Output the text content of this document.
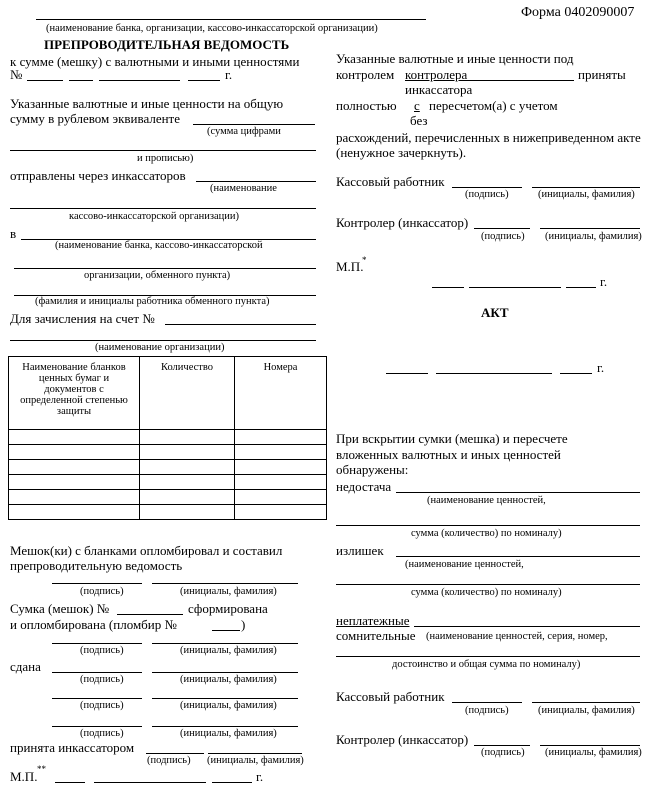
Форма 0402090007
(наименование банка, организации, кассово-инкассаторской организации)
ПРЕПРОВОДИТЕЛЬНАЯ ВЕДОМОСТЬ
к сумме (мешку) с валютными и иными ценностями
№	г.
Указанные валютные и иные ценности на общую
сумму в рублевом эквиваленте
(сумма цифрами
и прописью)
отправлены через инкассаторов
(наименование
кассово-инкассаторской организации)
в
(наименование банка, кассово-инкассаторской
организации, обменного пункта)
(фамилия и инициалы работника обменного пункта)
Для зачисления на счет №
(наименование организации)
Наименование бланков ценных бумаг и документов с определенной степенью защиты	Количество	Номера

Мешок(ки) с бланками опломбировал и составил
препроводительную ведомость
(подпись)	(инициалы, фамилия)
Сумка (мешок) №	сформирована
и опломбирована (пломбир №	)
(подпись)	(инициалы, фамилия)
сдана
(подпись)	(инициалы, фамилия)
(подпись)	(инициалы, фамилия)
(подпись)	(инициалы, фамилия)
принята инкассатором
(подпись) (инициалы, фамилия)
М.П. **	г.
Указанные валютные и иные ценности под
контролем контролера	приняты
инкассатора
полностью с пересчетом(а) с учетом
без
расхождений, перечисленных в нижеприведенном акте
(ненужное зачеркнуть).
Кассовый работник
(подпись)	(инициалы, фамилия)
Контролер (инкассатор)
(подпись) (инициалы, фамилия)
М.П.
*
г.
АКТ
г.
При вскрытии сумки (мешка) и пересчете
вложенных валютных и иных ценностей
обнаружены:
недостача
(наименование ценностей,
сумма (количество) по номиналу)
излишек
(наименование ценностей,
сумма (количество) по номиналу)
неплатежные
сомнительные (наименование ценностей, серия, номер,
достоинство и общая сумма по номиналу)
Кассовый работник
(подпись)	(инициалы, фамилия)
Контролер (инкассатор)
(подпись) (инициалы, фамилия)
